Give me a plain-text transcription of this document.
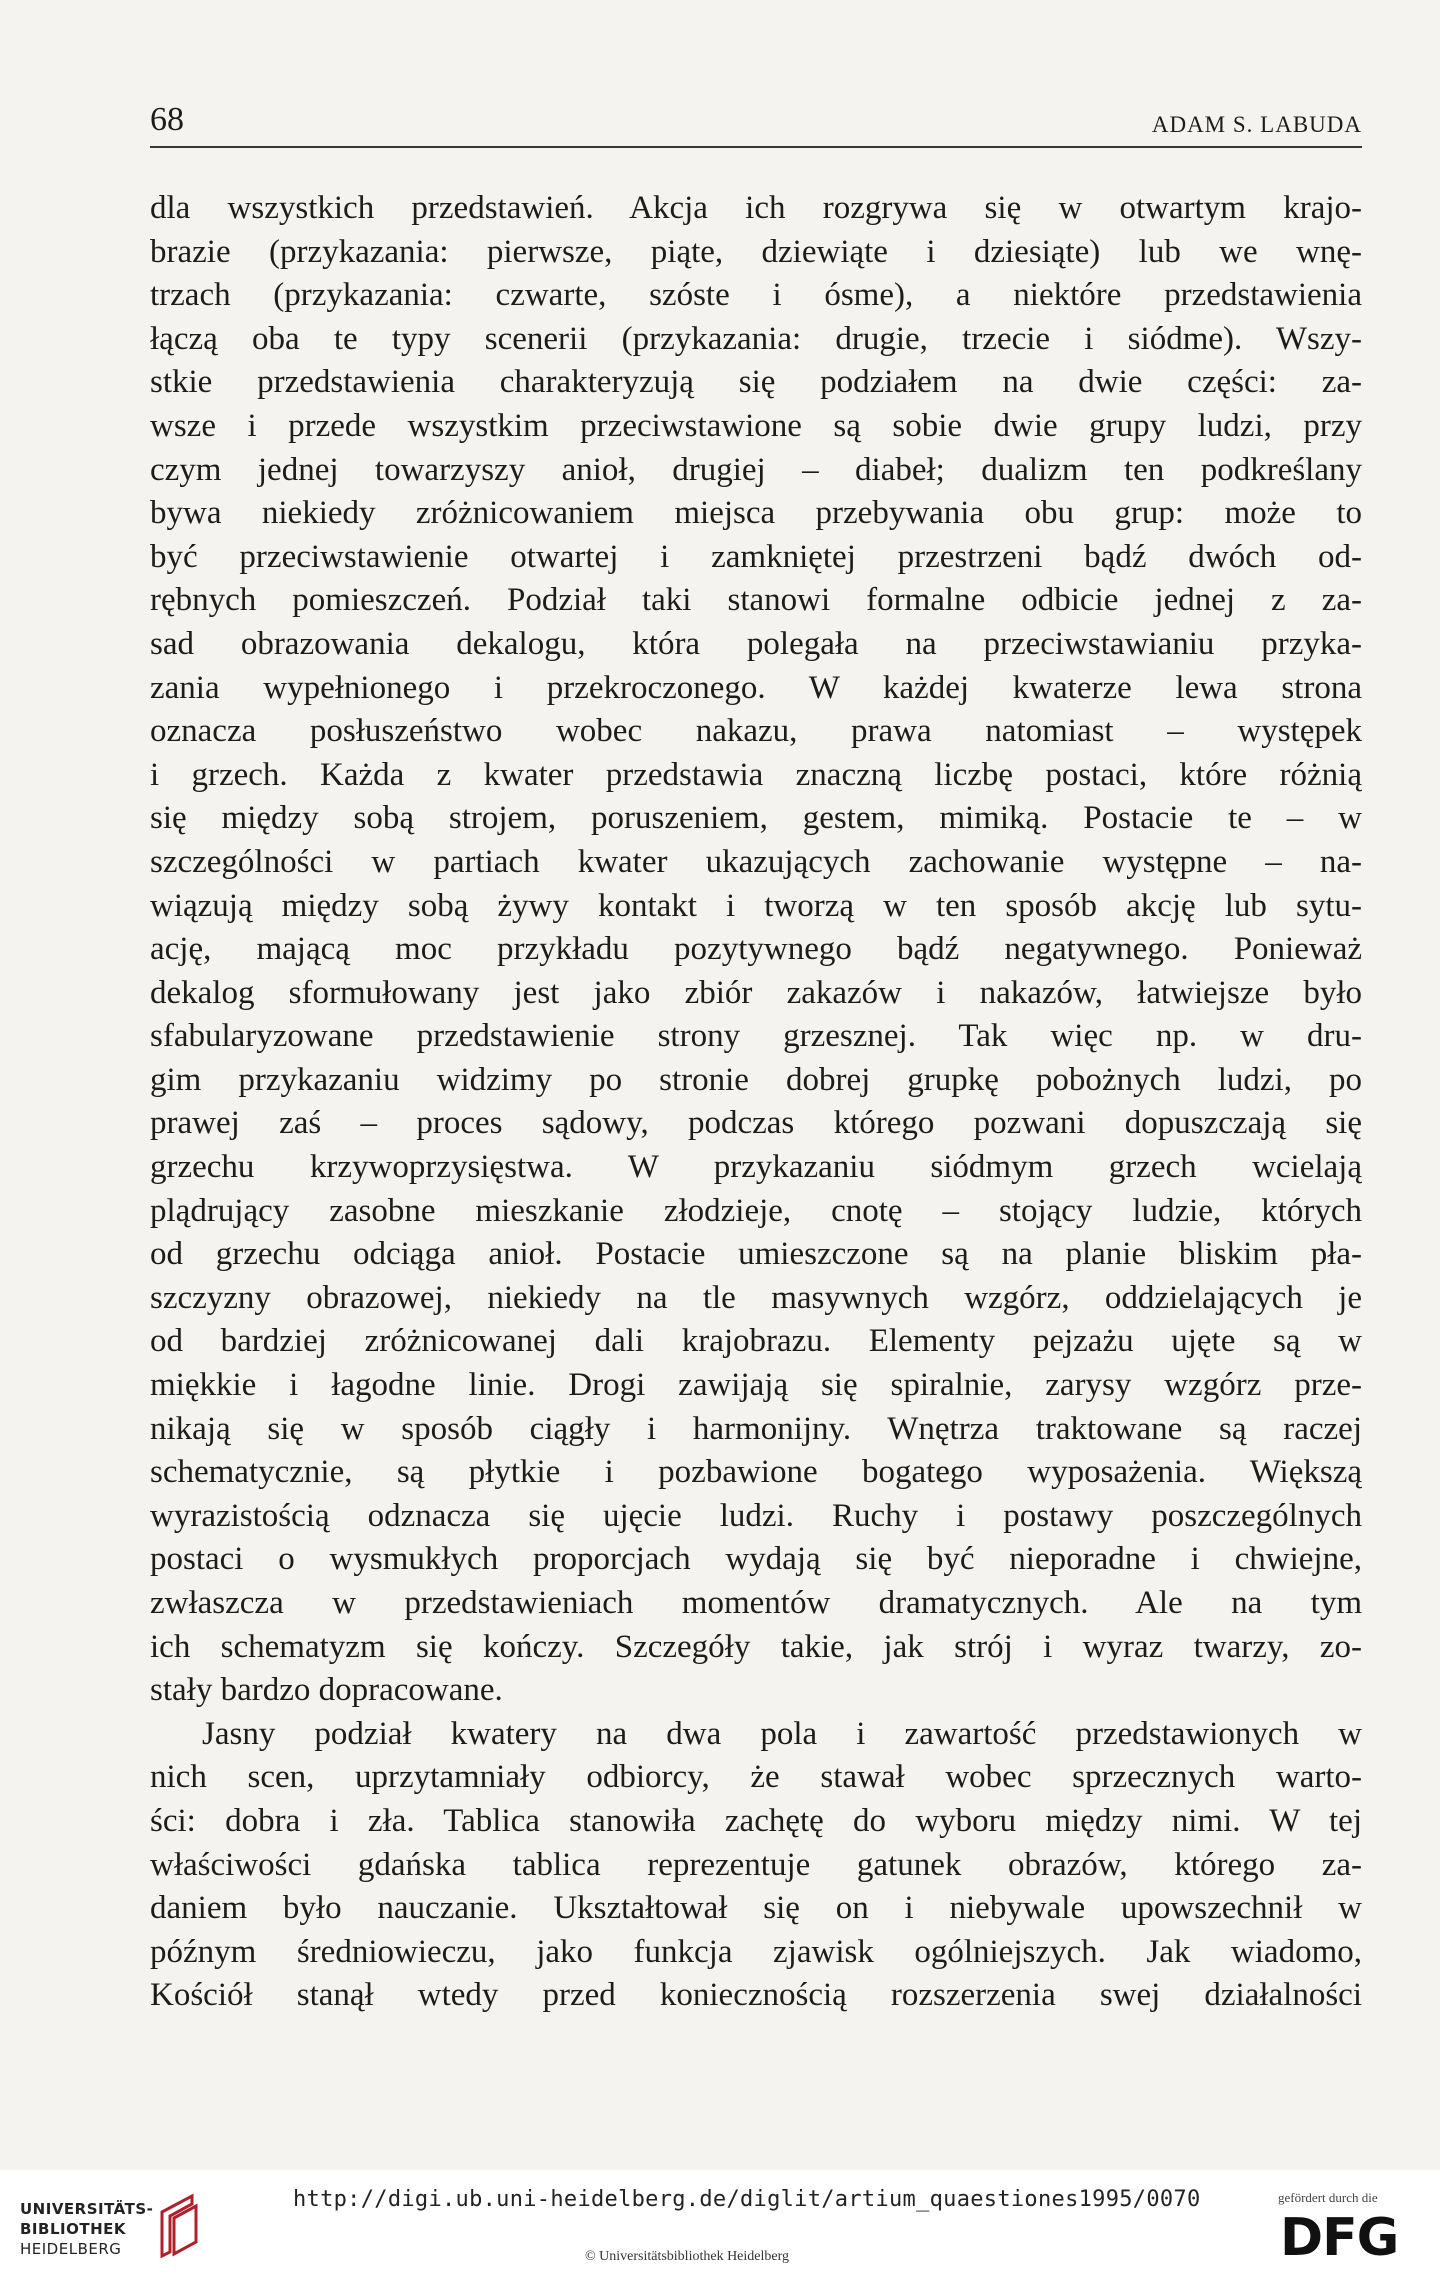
68	ADAM S. LABUDA
dla wszystkich przedstawień. Akcja ich rozgrywa się w otwartym krajo-
brazie (przykazania: pierwsze, piąte, dziewiąte i dziesiąte) lub we wnę-
trzach (przykazania: czwarte, szóste i ósme), a niektóre przedstawienia
łączą oba te typy scenerii (przykazania: drugie, trzecie i siódme). Wszy-
stkie przedstawienia charakteryzują się podziałem na dwie części: za-
wsze i przede wszystkim przeciwstawione są sobie dwie grupy ludzi, przy
czym jednej towarzyszy anioł, drugiej – diabeł; dualizm ten podkreślany
bywa niekiedy zróżnicowaniem miejsca przebywania obu grup: może to
być przeciwstawienie otwartej i zamkniętej przestrzeni bądź dwóch od-
rębnych pomieszczeń. Podział taki stanowi formalne odbicie jednej z za-
sad obrazowania dekalogu, która polegała na przeciwstawianiu przyka-
zania wypełnionego i przekroczonego. W każdej kwaterze lewa strona
oznacza posłuszeństwo wobec nakazu, prawa natomiast – występek
i grzech. Każda z kwater przedstawia znaczną liczbę postaci, które różnią
się między sobą strojem, poruszeniem, gestem, mimiką. Postacie te – w
szczególności w partiach kwater ukazujących zachowanie występne – na-
wiązują między sobą żywy kontakt i tworzą w ten sposób akcję lub sytu-
ację, mającą moc przykładu pozytywnego bądź negatywnego. Ponieważ
dekalog sformułowany jest jako zbiór zakazów i nakazów, łatwiejsze było
sfabularyzowane przedstawienie strony grzesznej. Tak więc np. w dru-
gim przykazaniu widzimy po stronie dobrej grupkę pobożnych ludzi, po
prawej zaś – proces sądowy, podczas którego pozwani dopuszczają się
grzechu krzywoprzysięstwa. W przykazaniu siódmym grzech wcielają
plądrujący zasobne mieszkanie złodzieje, cnotę – stojący ludzie, których
od grzechu odciąga anioł. Postacie umieszczone są na planie bliskim pła-
szczyzny obrazowej, niekiedy na tle masywnych wzgórz, oddzielających je
od bardziej zróżnicowanej dali krajobrazu. Elementy pejzażu ujęte są w
miękkie i łagodne linie. Drogi zawijają się spiralnie, zarysy wzgórz prze-
nikają się w sposób ciągły i harmonijny. Wnętrza traktowane są raczej
schematycznie, są płytkie i pozbawione bogatego wyposażenia. Większą
wyrazistością odznacza się ujęcie ludzi. Ruchy i postawy poszczególnych
postaci o wysmukłych proporcjach wydają się być nieporadne i chwiejne,
zwłaszcza w przedstawieniach momentów dramatycznych. Ale na tym
ich schematyzm się kończy. Szczegóły takie, jak strój i wyraz twarzy, zo-
stały bardzo dopracowane.
Jasny podział kwatery na dwa pola i zawartość przedstawionych w
nich scen, uprzytamniały odbiorcy, że stawał wobec sprzecznych warto-
ści: dobra i zła. Tablica stanowiła zachętę do wyboru między nimi. W tej
właściwości gdańska tablica reprezentuje gatunek obrazów, którego za-
daniem było nauczanie. Ukształtował się on i niebywale upowszechnił w
późnym średniowieczu, jako funkcja zjawisk ogólniejszych. Jak wiadomo,
Kościół stanął wtedy przed koniecznością rozszerzenia swej działalności
UNIVERSITÄTS-
BIBLIOTHEK
HEIDELBERG
http://digi.ub.uni-heidelberg.de/diglit/artium_quaestiones1995/0070
© Universitätsbibliothek Heidelberg
gefördert durch die
DFG
